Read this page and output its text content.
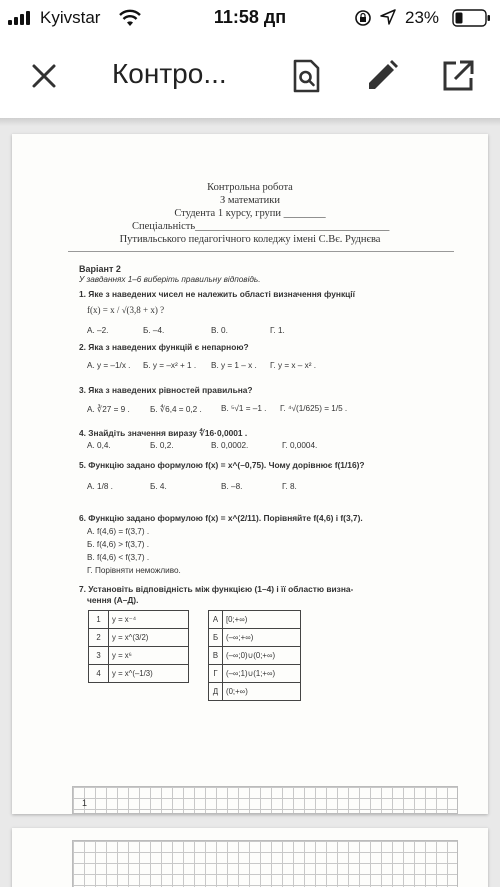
Kyivstar	11:58 дп	23%
Контро...
Контрольна робота
З математики
Студента 1 курсу, групи ________
Спеціальність_____________________________________
Путивльського педагогічного коледжу імені С.Вє. Руднєва
Варіант 2
У завданнях 1–6 виберіть правильну відповідь.
1. Яке з наведених чисел не належить області визначення функції
f(x) = x / √(3,8 + x) ?
А. –2.	Б. –4.	В. 0.	Г. 1.
2. Яка з наведених функцій є непарною?
А. y = –1/x . Б. y = –x² + 1 . В. y = 1 – x . Г. y = x – x² .
3. Яка з наведених рівностей правильна?
А. ∛27 = 9 . Б. ∜6,4 = 0,2 . В. ⁵√1 = –1 . Г. ⁴√(1/625) = 1/5 .
4. Знайдіть значення виразу ∜16·0,0001 .
А. 0,4.	Б. 0,2.	В. 0,0002.	Г. 0,0004.
5. Функцію задано формулою f(x) = x^(–0,75). Чому дорівнює f(1/16)?
А. 1/8 .	Б. 4.	В. –8.	Г. 8.
6. Функцію задано формулою f(x) = x^(2/11). Порівняйте f(4,6) і f(3,7).
А. f(4,6) = f(3,7) .
Б. f(4,6) > f(3,7) .
В. f(4,6) < f(3,7) .
Г. Порівняти неможливо.
7. Установіть відповідність між функцією (1–4) і її областю визна-
чення (А–Д).
1	y = x⁻⁴		А	[0;+∞)
2	y = x^(3/2)		Б	(–∞;+∞)
3	y = x⁶		В	(–∞;0)∪(0;+∞)
4	y = x^(–1/3)		Г	(–∞;1)∪(1;+∞)
			Д	(0;+∞)
1
